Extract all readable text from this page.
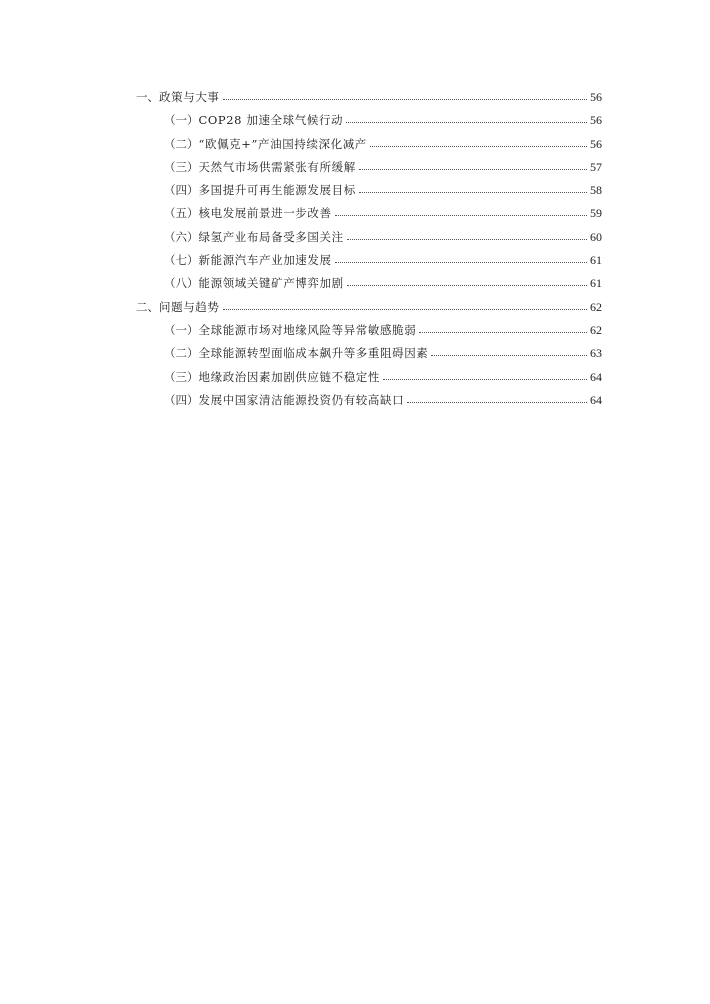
一、 政策与大事	56
（一） COP28 加速全球气候行动	56
（二） “欧佩克+”产油国持续深化减产	56
（三） 天然气市场供需紧张有所缓解	57
（四） 多国提升可再生能源发展目标	58
（五） 核电发展前景进一步改善	59
（六） 绿氢产业布局备受多国关注	60
（七） 新能源汽车产业加速发展	61
（八） 能源领域关键矿产博弈加剧	61
二、 问题与趋势	62
（一） 全球能源市场对地缘风险等异常敏感脆弱	62
（二） 全球能源转型面临成本飙升等多重阻碍因素	63
（三） 地缘政治因素加剧供应链不稳定性	64
（四） 发展中国家清洁能源投资仍有较高缺口	64
